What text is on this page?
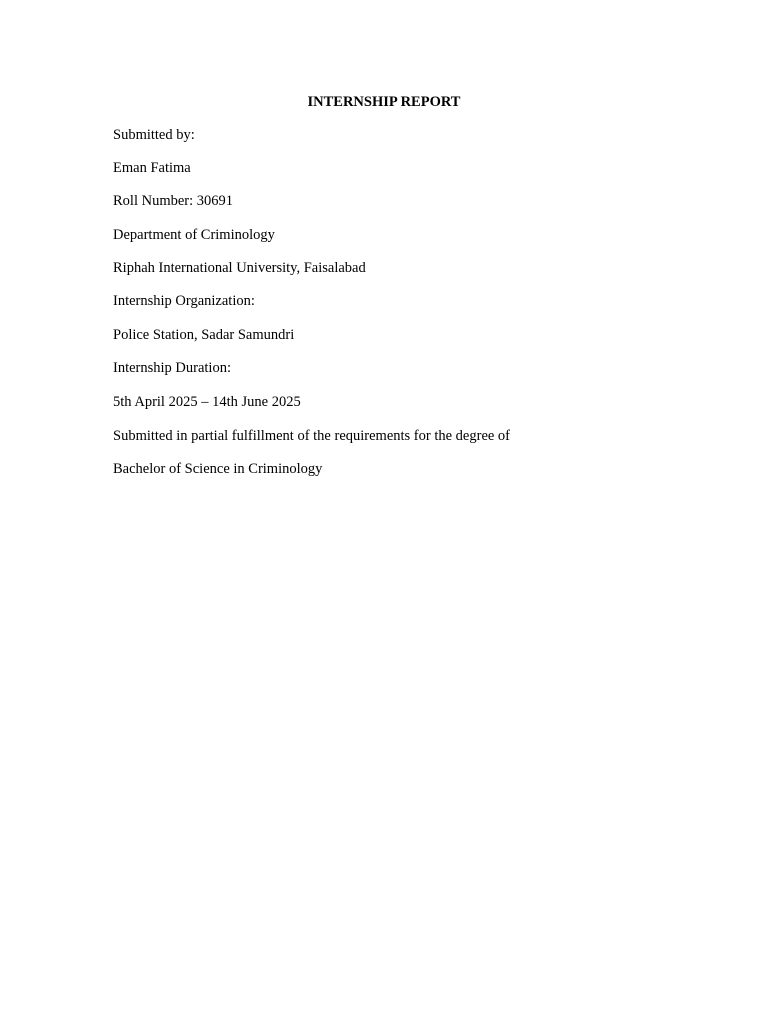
INTERNSHIP REPORT

Submitted by:

Eman Fatima

Roll Number: 30691

Department of Criminology

Riphah International University, Faisalabad

Internship Organization:

Police Station, Sadar Samundri

Internship Duration:

5th April 2025 – 14th June 2025

Submitted in partial fulfillment of the requirements for the degree of

Bachelor of Science in Criminology
